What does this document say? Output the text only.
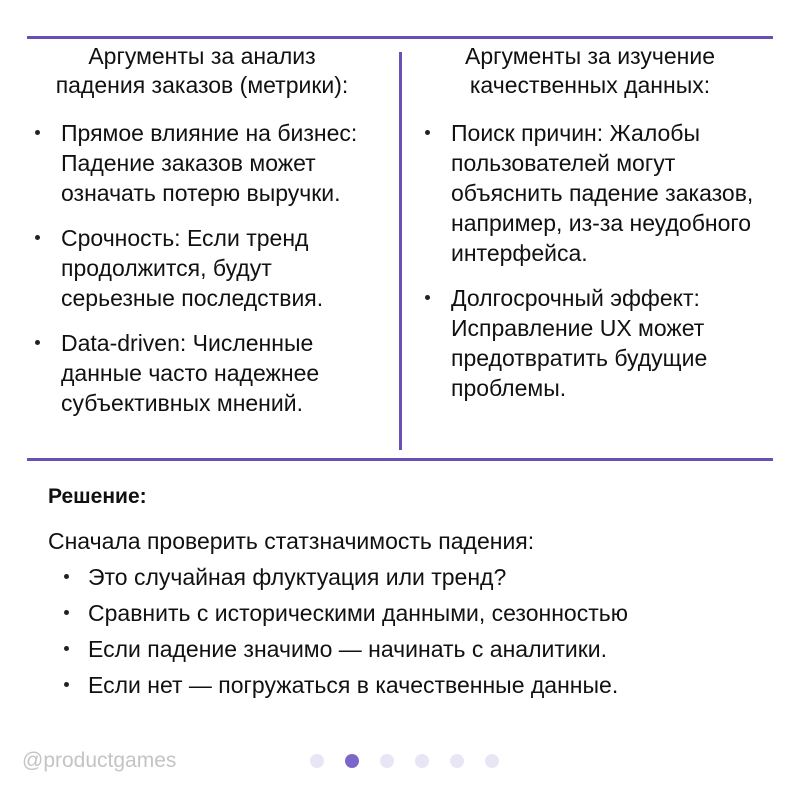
Аргументы за анализ
падения заказов (метрики):
Прямое влияние на бизнес: Падение заказов может означать потерю выручки.
Срочность: Если тренд продолжится, будут серьезные последствия.
Data-driven: Численные данные часто надежнее субъективных мнений.
Аргументы за изучение
качественных данных:
Поиск причин: Жалобы пользователей могут объяснить падение заказов, например, из-за неудобного интерфейса.
Долгосрочный эффект: Исправление UX может предотвратить будущие проблемы.
Решение:
Сначала проверить статзначимость падения:
Это случайная флуктуация или тренд?
Сравнить с историческими данными, сезонностью
Если падение значимо — начинать с аналитики.
Если нет — погружаться в качественные данные.
@productgames
